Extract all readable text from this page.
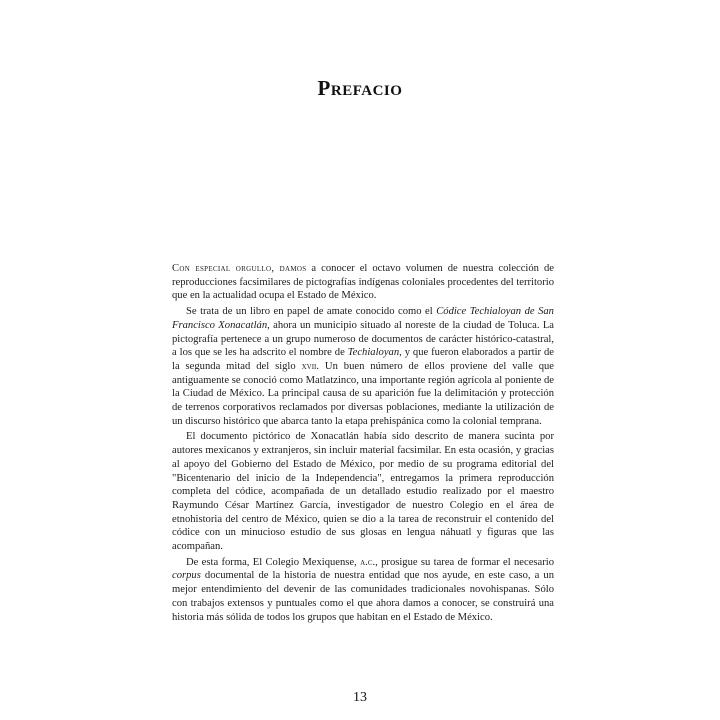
Prefacio

Con especial orgullo, damos a conocer el octavo volumen de nuestra colección de reproducciones facsimilares de pictografías indígenas coloniales procedentes del territorio que en la actualidad ocupa el Estado de México.

Se trata de un libro en papel de amate conocido como el Códice Techialoyan de San Francisco Xonacatlán, ahora un municipio situado al noreste de la ciudad de Toluca. La pictografía pertenece a un grupo numeroso de documentos de carácter histórico-catastral, a los que se les ha adscrito el nombre de Techialoyan, y que fueron elaborados a partir de la segunda mitad del siglo xvii. Un buen número de ellos proviene del valle que antiguamente se conoció como Matlatzinco, una importante región agrícola al poniente de la Ciudad de México. La principal causa de su aparición fue la delimitación y protección de terrenos corporativos reclamados por diversas poblaciones, mediante la utilización de un discurso histórico que abarca tanto la etapa prehispánica como la colonial temprana.

El documento pictórico de Xonacatlán había sido descrito de manera sucinta por autores mexicanos y extranjeros, sin incluir material facsimilar. En esta ocasión, y gracias al apoyo del Gobierno del Estado de México, por medio de su programa editorial del "Bicentenario del inicio de la Independencia", entregamos la primera reproducción completa del códice, acompañada de un detallado estudio realizado por el maestro Raymundo César Martínez García, investigador de nuestro Colegio en el área de etnohistoria del centro de México, quien se dio a la tarea de reconstruir el contenido del códice con un minucioso estudio de sus glosas en lengua náhuatl y figuras que las acompañan.

De esta forma, El Colegio Mexiquense, a.c., prosigue su tarea de formar el necesario corpus documental de la historia de nuestra entidad que nos ayude, en este caso, a un mejor entendimiento del devenir de las comunidades tradicionales novohispanas. Sólo con trabajos extensos y puntuales como el que ahora damos a conocer, se construirá una historia más sólida de todos los grupos que habitan en el Estado de México.

13
